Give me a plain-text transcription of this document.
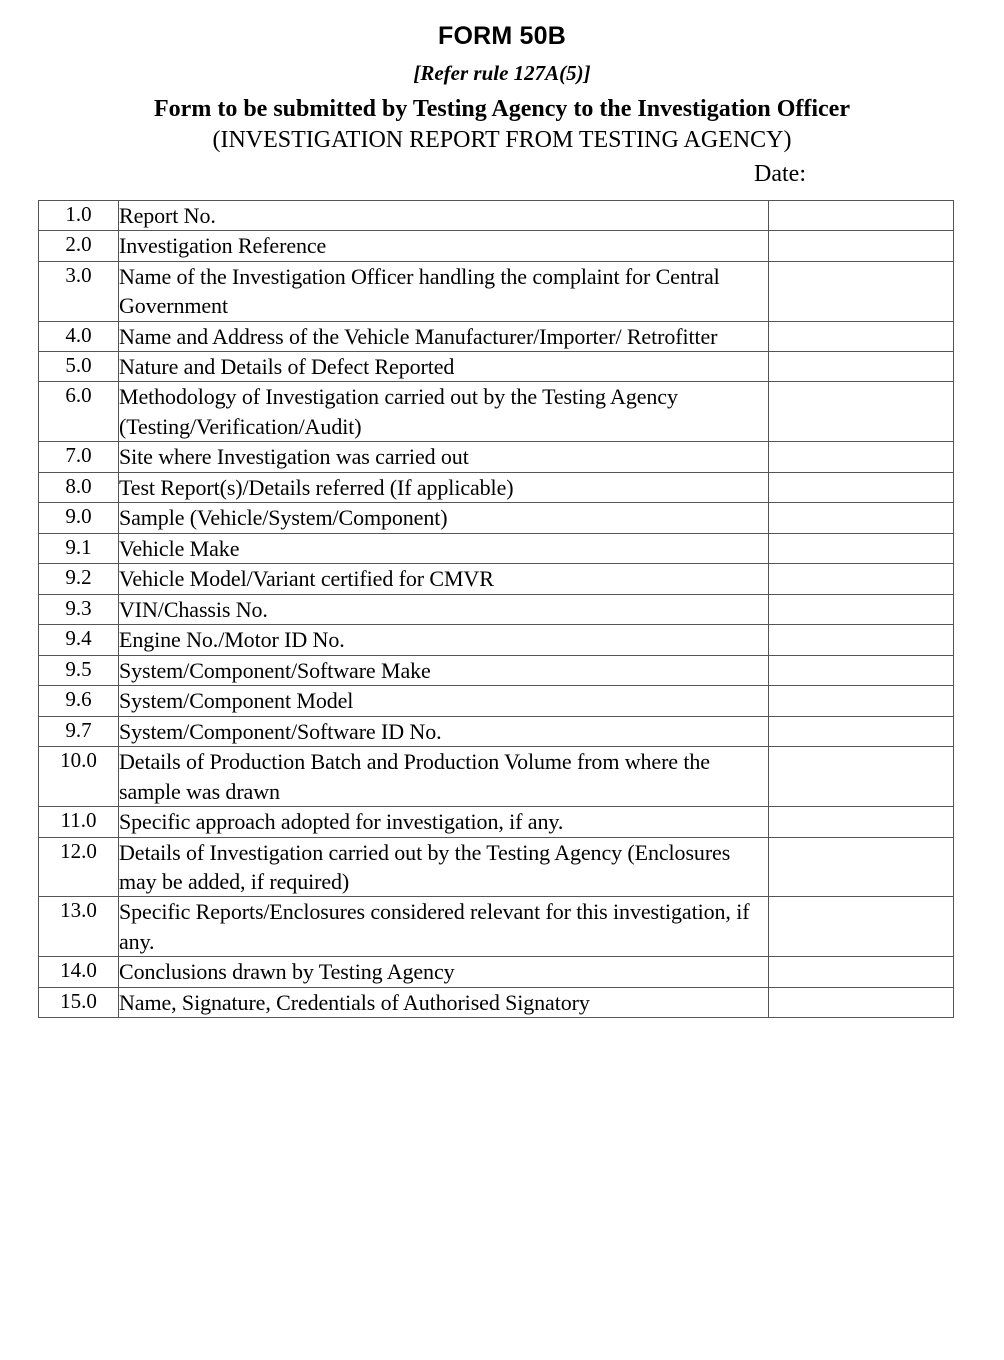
FORM 50B
[Refer rule 127A(5)]
Form to be submitted by Testing Agency to the Investigation Officer
(INVESTIGATION REPORT FROM TESTING AGENCY)
Date:
1.0	Report No.	
2.0	Investigation Reference	
3.0	Name of the Investigation Officer handling the complaint for Central Government	
4.0	Name and Address of the Vehicle Manufacturer/Importer/ Retrofitter	
5.0	Nature and Details of Defect Reported	
6.0	Methodology of Investigation carried out by the Testing Agency (Testing/Verification/Audit)	
7.0	Site where Investigation was carried out	
8.0	Test Report(s)/Details referred (If applicable)	
9.0	Sample (Vehicle/System/Component)	
9.1	Vehicle Make	
9.2	Vehicle Model/Variant certified for CMVR	
9.3	VIN/Chassis No.	
9.4	Engine No./Motor ID No.	
9.5	System/Component/Software Make	
9.6	System/Component Model	
9.7	System/Component/Software ID No.	
10.0	Details of Production Batch and Production Volume from where the sample was drawn	
11.0	Specific approach adopted for investigation, if any.	
12.0	Details of Investigation carried out by the Testing Agency (Enclosures may be added, if required)	
13.0	Specific Reports/Enclosures considered relevant for this investigation, if any.	
14.0	Conclusions drawn by Testing Agency	
15.0	Name, Signature, Credentials of Authorised Signatory	
